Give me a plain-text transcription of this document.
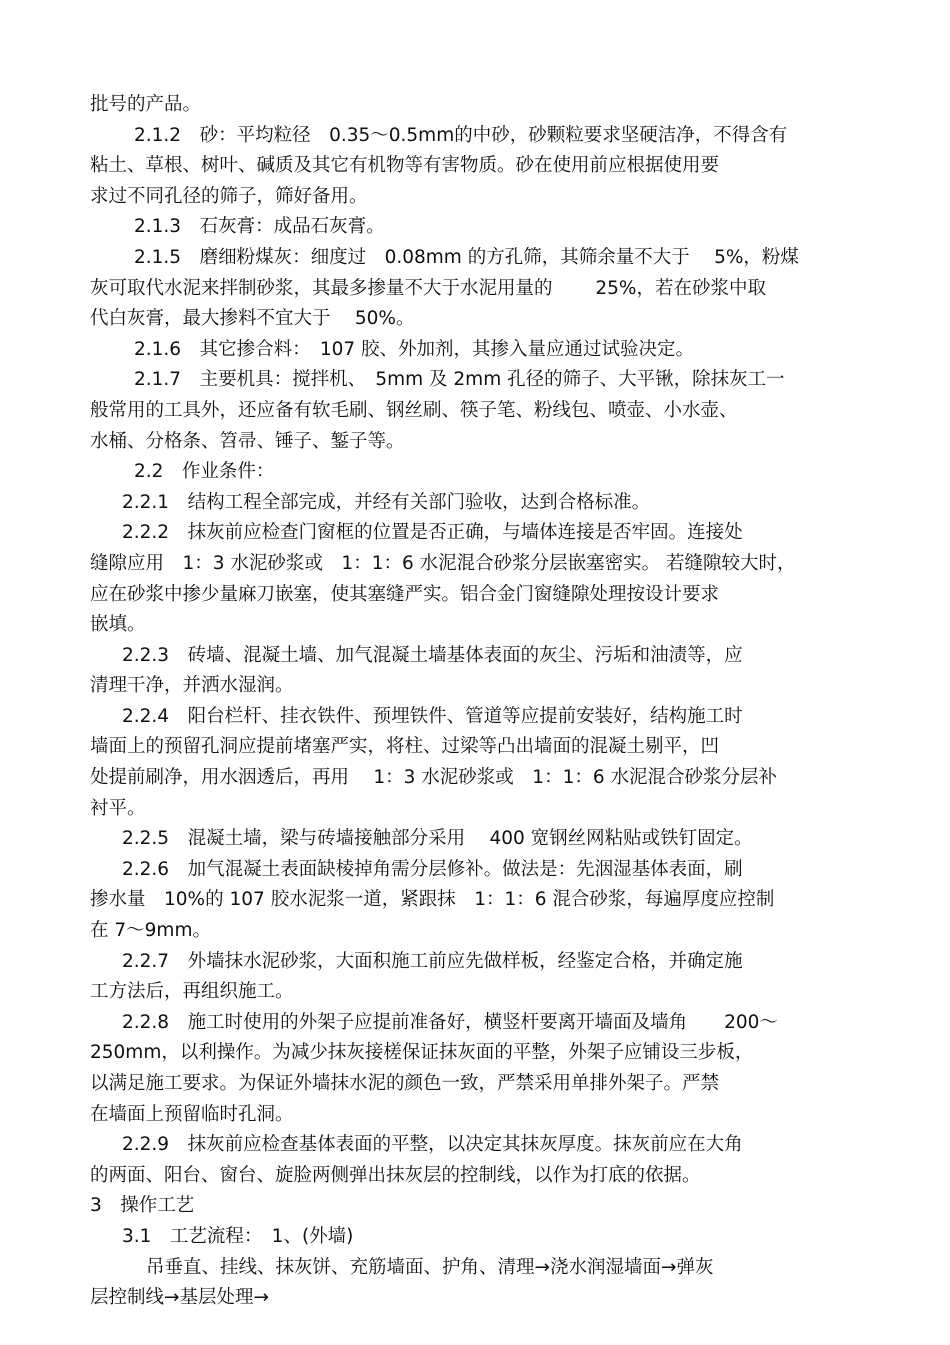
批号的产品。
2.1.2　砂：平均粒径　0.35～0.5mm的中砂，砂颗粒要求坚硬洁净，不得含有
粘土、草根、树叶、碱质及其它有机物等有害物质。砂在使用前应根据使用要
求过不同孔径的筛子，筛好备用。
2.1.3　石灰膏：成品石灰膏。
2.1.5　磨细粉煤灰：细度过　0.08mm 的方孔筛，其筛余量不大于　 5%，粉煤
灰可取代水泥来拌制砂浆，其最多掺量不大于水泥用量的　　 25%，若在砂浆中取
代白灰膏，最大掺料不宜大于　 50%。
2.1.6　其它掺合料：　107 胶、外加剂，其掺入量应通过试验决定。
2.1.7　主要机具：搅拌机、　5mm 及 2mm 孔径的筛子、大平锹，除抹灰工一
般常用的工具外，还应备有软毛刷、钢丝刷、筷子笔、粉线包、喷壶、小水壶、
水桶、分格条、笤帚、锤子、錾子等。
2.2　作业条件：
2.2.1　结构工程全部完成，并经有关部门验收，达到合格标准。
2.2.2　抹灰前应检查门窗框的位置是否正确，与墙体连接是否牢固。连接处
缝隙应用　1：3 水泥砂浆或　1：1：6 水泥混合砂浆分层嵌塞密实。 若缝隙较大时，
应在砂浆中掺少量麻刀嵌塞，使其塞缝严实。铝合金门窗缝隙处理按设计要求
嵌填。
2.2.3　砖墙、混凝土墙、加气混凝土墙基体表面的灰尘、污垢和油渍等，应
清理干净，并洒水湿润。
2.2.4　阳台栏杆、挂衣铁件、预埋铁件、管道等应提前安装好，结构施工时
墙面上的预留孔洞应提前堵塞严实，将柱、过梁等凸出墙面的混凝土剔平，凹
处提前刷净，用水洇透后，再用　 1：3 水泥砂浆或　1：1：6 水泥混合砂浆分层补
衬平。
2.2.5　混凝土墙，梁与砖墙接触部分采用　 400 宽钢丝网粘贴或铁钉固定。
2.2.6　加气混凝土表面缺棱掉角需分层修补。做法是：先洇湿基体表面，刷
掺水量　10%的 107 胶水泥浆一道，紧跟抹　1：1：6 混合砂浆，每遍厚度应控制
在 7～9mm。
2.2.7　外墙抹水泥砂浆，大面积施工前应先做样板，经鉴定合格，并确定施
工方法后，再组织施工。
2.2.8　施工时使用的外架子应提前准备好，横竖杆要离开墙面及墙角　　200～
250mm，以利操作。为减少抹灰接槎保证抹灰面的平整，外架子应铺设三步板，
以满足施工要求。为保证外墙抹水泥的颜色一致，严禁采用单排外架子。严禁
在墙面上预留临时孔洞。
2.2.9　抹灰前应检查基体表面的平整，以决定其抹灰厚度。抹灰前应在大角
的两面、阳台、窗台、旋脸两侧弹出抹灰层的控制线，以作为打底的依据。
3　操作工艺
3.1　工艺流程：　1、(外墙)
吊垂直、挂线、抹灰饼、充筋墙面、护角、清理→浇水润湿墙面→弹灰
层控制线→基层处理→
